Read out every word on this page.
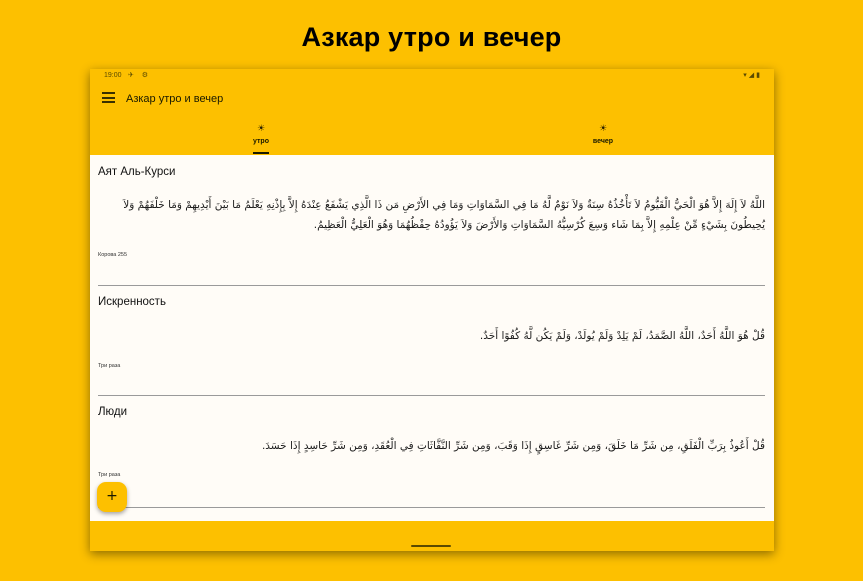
Азкар утро и вечер
19:00 ✈ ⚙	▾◢▮
Азкар утро и вечер
☀
утро
☀
вечер
Аят Аль-Курси
اللَّهُ لاَ إِلَهَ إِلاَّ هُوَ الْحَيُّ الْقَيُّومُ لاَ تَأْخُذُهُ سِنَةٌ وَلاَ نَوْمٌ لَّهُ مَا فِي السَّمَاوَاتِ وَمَا فِي الأَرْضِ مَن ذَا الَّذِي يَشْفَعُ عِنْدَهُ إِلاَّ بِإِذْنِهِ يَعْلَمُ مَا بَيْنَ أَيْدِيهِمْ وَمَا خَلْفَهُمْ وَلاَ يُحِيطُونَ بِشَيْءٍ مِّنْ عِلْمِهِ إِلاَّ بِمَا شَاء وَسِعَ كُرْسِيُّهُ السَّمَاوَاتِ وَالأَرْضَ وَلاَ يَؤُودُهُ حِفْظُهُمَا وَهُوَ الْعَلِيُّ الْعَظِيمُ.
Корова 255
Искренность
قُلْ هُوَ اللَّهُ أَحَدٌ، اللَّهُ الصَّمَدُ، لَمْ يَلِدْ وَلَمْ يُولَدْ، وَلَمْ يَكُن لَّهُ كُفُوًا أَحَدٌ.
Три раза
Люди
قُلْ أَعُوذُ بِرَبِّ الْفَلَقِ، مِن شَرِّ مَا خَلَقَ، وَمِن شَرِّ غَاسِقٍ إِذَا وَقَبَ، وَمِن شَرِّ النَّفَّاثَاتِ فِي الْعُقَدِ، وَمِن شَرِّ حَاسِدٍ إِذَا حَسَدَ.
Три раза
+
